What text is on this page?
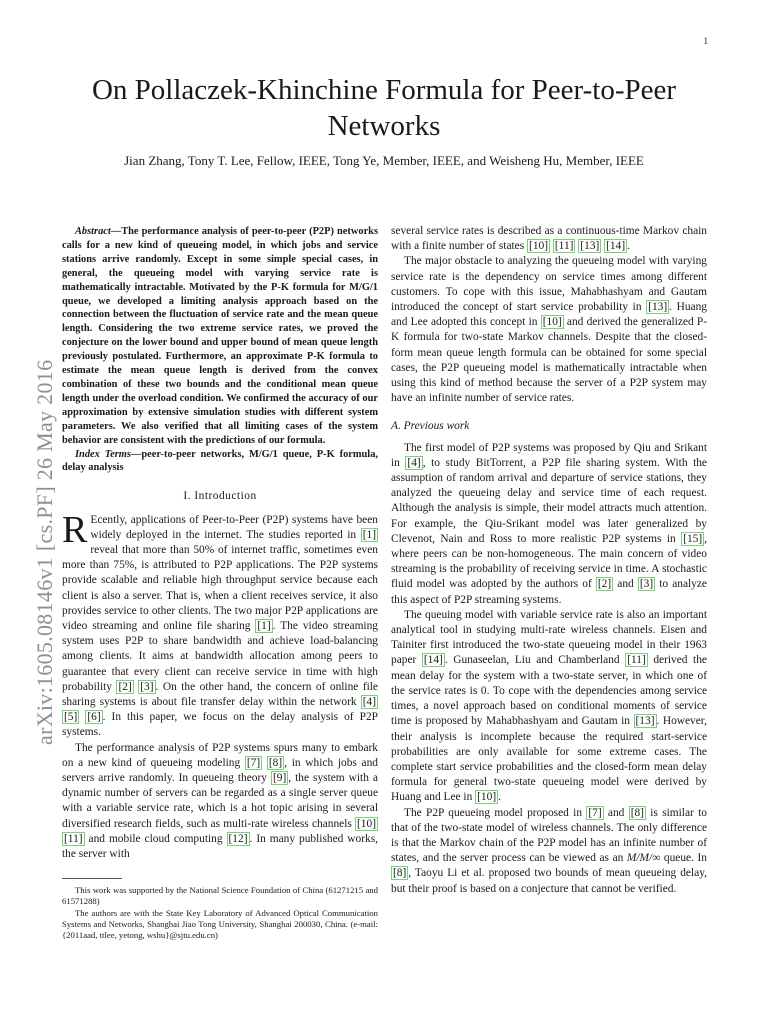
1
arXiv:1605.08146v1 [cs.PF] 26 May 2016
On Pollaczek-Khinchine Formula for Peer-to-Peer Networks
Jian Zhang, Tony T. Lee, Fellow, IEEE, Tong Ye, Member, IEEE, and Weisheng Hu, Member, IEEE

Abstract—The performance analysis of peer-to-peer (P2P) networks calls for a new kind of queueing model, in which jobs and service stations arrive randomly. Except in some simple special cases, in general, the queueing model with varying service rate is mathematically intractable. Motivated by the P-K formula for M/G/1 queue, we developed a limiting analysis approach based on the connection between the fluctuation of service rate and the mean queue length. Considering the two extreme service rates, we proved the conjecture on the lower bound and upper bound of mean queue length previously postulated. Furthermore, an approximate P-K formula to estimate the mean queue length is derived from the convex combination of these two bounds and the conditional mean queue length under the overload condition. We confirmed the accuracy of our approximation by extensive simulation studies with different system parameters. We also verified that all limiting cases of the system behavior are consistent with the predictions of our formula.

Index Terms—peer-to-peer networks, M/G/1 queue, P-K formula, delay analysis

I. Introduction

R Ecently, applications of Peer-to-Peer (P2P) systems have been widely deployed in the internet. The studies reported in [1] reveal that more than 50% of internet traffic, sometimes even more than 75%, is attributed to P2P applications. The P2P systems provide scalable and reliable high throughput service because each client is also a server. That is, when a client receives service, it also provides service to other clients. The two major P2P applications are video streaming and online file sharing [1] . The video streaming system uses P2P to share bandwidth and achieve load-balancing among clients. It aims at bandwidth allocation among peers to guarantee that every client can receive service in time with high probability [2] [3] . On the other hand, the concern of online file sharing systems is about file transfer delay within the network [4] [5] [6] . In this paper, we focus on the delay analysis of P2P systems.

The performance analysis of P2P systems spurs many to embark on a new kind of queueing modeling [7] [8] , in which jobs and servers arrive randomly. In queueing theory [9] , the system with a dynamic number of servers can be regarded as a single server queue with a variable service rate, which is a hot topic arising in several diversified research fields, such as multi-rate wireless channels [10] [11] and mobile cloud computing [12] . In many published works, the server with

This work was supported by the National Science Foundation of China (61271215 and 61571288)

The authors are with the State Key Laboratory of Advanced Optical Communication Systems and Networks, Shanghai Jiao Tong University, Shanghai 200030, China. (e-mail: {2011aad, ttlee, yetong, wshu}@sjtu.edu.cn)

several service rates is described as a continuous-time Markov chain with a finite number of states [10] [11] [13] [14] .

The major obstacle to analyzing the queueing model with varying service rate is the dependency on service times among different customers. To cope with this issue, Mahabhashyam and Gautam introduced the concept of start service probability in [13] . Huang and Lee adopted this concept in [10] and derived the generalized P-K formula for two-state Markov channels. Despite that the closed-form mean queue length formula can be obtained for some special cases, the P2P queueing model is mathematically intractable when using this kind of method because the server of a P2P system may have an infinite number of service rates.

A. Previous work

The first model of P2P systems was proposed by Qiu and Srikant in [4] , to study BitTorrent, a P2P file sharing system. With the assumption of random arrival and departure of service stations, they analyzed the queueing delay and service time of each request. Although the analysis is simple, their model attracts much attention. For example, the Qiu-Srikant model was later generalized by Clevenot, Nain and Ross to more realistic P2P systems in [15] , where peers can be non-homogeneous. The main concern of video streaming is the probability of receiving service in time. A stochastic fluid model was adopted by the authors of [2] and [3] to analyze this aspect of P2P streaming systems.

The queuing model with variable service rate is also an important analytical tool in studying multi-rate wireless channels. Eisen and Tainiter first introduced the two-state queueing model in their 1963 paper [14] . Gunaseelan, Liu and Chamberland [11] derived the mean delay for the system with a two-state server, in which one of the service rates is 0. To cope with the dependencies among service times, a novel approach based on conditional moments of service time is proposed by Mahabhashyam and Gautam in [13] . However, their analysis is incomplete because the required start-service probabilities are only available for some extreme cases. The complete start service probabilities and the closed-form mean delay formula for general two-state queueing model were derived by Huang and Lee in [10] .

The P2P queueing model proposed in [7] and [8] is similar to that of the two-state model of wireless channels. The only difference is that the Markov chain of the P2P model has an infinite number of states, and the server process can be viewed as an M/M/∞ queue. In [8] , Taoyu Li et al. proposed two bounds of mean queueing delay, but their proof is based on a conjecture that cannot be verified.
